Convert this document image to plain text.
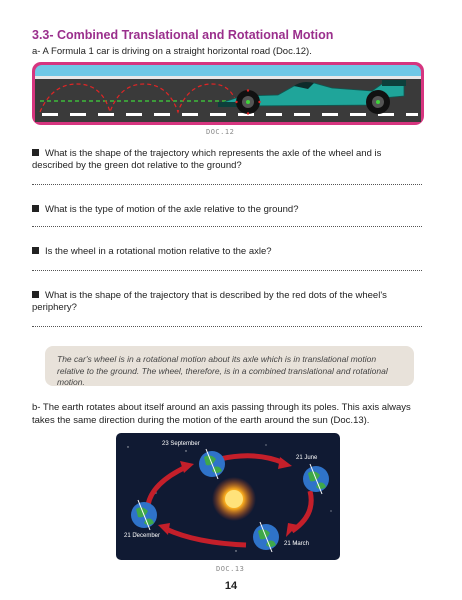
3.3- Combined Translational and Rotational Motion
a- A Formula 1 car is driving on a straight horizontal road (Doc.12).
DOC.12
What is the shape of the trajectory which represents the axle of the wheel and is described by the green dot relative to the ground?
What is the type of motion of the axle relative to the ground?
Is the wheel in a rotational motion relative to the axle?
What is the shape of the trajectory that is described by the red dots of the wheel's periphery?
The car's wheel is in a rotational motion about its axle which is in translational motion relative to the ground. The wheel, therefore, is in a combined translational and rotational motion.
b- The earth rotates about itself around an axis passing through its poles. This axis always takes the same direction during the motion of the earth around the sun (Doc.13).
23 September
21 June
21 December
21 March
DOC.13
14
